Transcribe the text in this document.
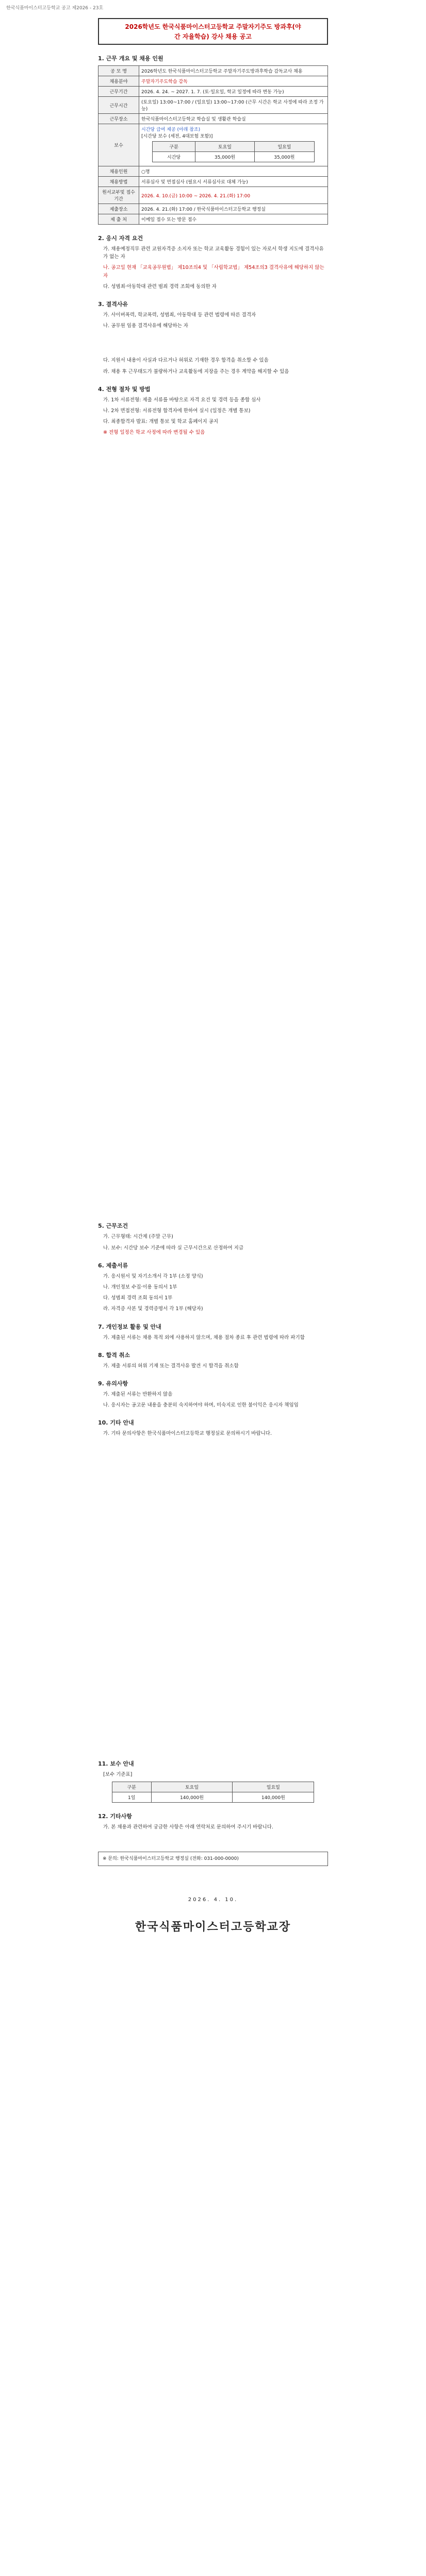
한국식품마이스터고등학교 공고 제2026 - 23호
2026학년도 한국식품마이스터고등학교 주말자기주도 방과후(야
간 자율학습) 강사 채용 공고
1. 근무 개요 및 채용 인원
공 모 명	2026학년도 한국식품마이스터고등학교 주말자기주도방과후학습 감독교사 채용
채용분야	주말자기주도학습 감독
근무기간	2026. 4. 24. ~ 2027. 1. 7. (토·일요일, 학교 일정에 따라 변동 가능)
근무시간	(토요일) 13:00~17:00 / (일요일) 13:00~17:00 (근무 시간은 학교 사정에 따라 조정 가능)
근무장소	한국식품마이스터고등학교 학습실 및 생활관 학습실
보수	
시간당 급여 제공 (아래 참조)
[시간당 보수 (세전, 4대보험 포함)]
구분	토요일	일요일
시간당	35,000원	35,000원

채용인원	○명
채용방법	서류심사 및 면접심사 (필요시 서류심사로 대체 가능)
원서교부및 접수기간	2026. 4. 10.(금) 10:00 ~ 2026. 4. 21.(화) 17:00
제출장소	2026. 4. 21.(화) 17:00 / 한국식품마이스터고등학교 행정실
제 출 처	이메일 접수 또는 방문 접수
2. 응시 자격 요건
가. 채용예정직무 관련 교원자격증 소지자 또는 학교 교육활동 경험이 있는 자로서 학생 지도에 결격사유가 없는 자
나. 공고일 현재 「교육공무원법」 제10조의4 및 「사립학교법」 제54조의3 결격사유에 해당하지 않는 자
다. 성범죄·아동학대 관련 범죄 경력 조회에 동의한 자
3. 결격사유
가. 사이버폭력, 학교폭력, 성범죄, 아동학대 등 관련 법령에 따른 결격자
나. 공무원 임용 결격사유에 해당하는 자
다. 지원서 내용이 사실과 다르거나 허위로 기재한 경우 합격을 취소할 수 있음
라. 채용 후 근무태도가 불량하거나 교육활동에 지장을 주는 경우 계약을 해지할 수 있음
4. 전형 절차 및 방법
가. 1차 서류전형: 제출 서류를 바탕으로 자격 요건 및 경력 등을 종합 심사
나. 2차 면접전형: 서류전형 합격자에 한하여 실시 (일정은 개별 통보)
다. 최종합격자 발표: 개별 통보 및 학교 홈페이지 공지
※ 전형 일정은 학교 사정에 따라 변경될 수 있음
5. 근무조건
가. 근무형태: 시간제 (주말 근무)
나. 보수: 시간당 보수 기준에 따라 실 근무시간으로 산정하여 지급
6. 제출서류
가. 응시원서 및 자기소개서 각 1부 (소정 양식)
나. 개인정보 수집·이용 동의서 1부
다. 성범죄 경력 조회 동의서 1부
라. 자격증 사본 및 경력증명서 각 1부 (해당자)
7. 개인정보 활용 및 안내
가. 제출된 서류는 채용 목적 외에 사용하지 않으며, 채용 절차 종료 후 관련 법령에 따라 파기함
8. 합격 취소
가. 제출 서류의 허위 기재 또는 결격사유 발견 시 합격을 취소함
9. 유의사항
가. 제출된 서류는 반환하지 않음
나. 응시자는 공고문 내용을 충분히 숙지하여야 하며, 미숙지로 인한 불이익은 응시자 책임임
10. 기타 안내
가. 기타 문의사항은 한국식품마이스터고등학교 행정실로 문의하시기 바랍니다.
11. 보수 안내
[보수 기준표]
구분	토요일	일요일
1일	140,000원	140,000원
12. 기타사항
가. 본 채용과 관련하여 궁금한 사항은 아래 연락처로 문의하여 주시기 바랍니다.
※ 문의: 한국식품마이스터고등학교 행정실 (전화: 031-000-0000)
2026. 4. 10.
한국식품마이스터고등학교장
